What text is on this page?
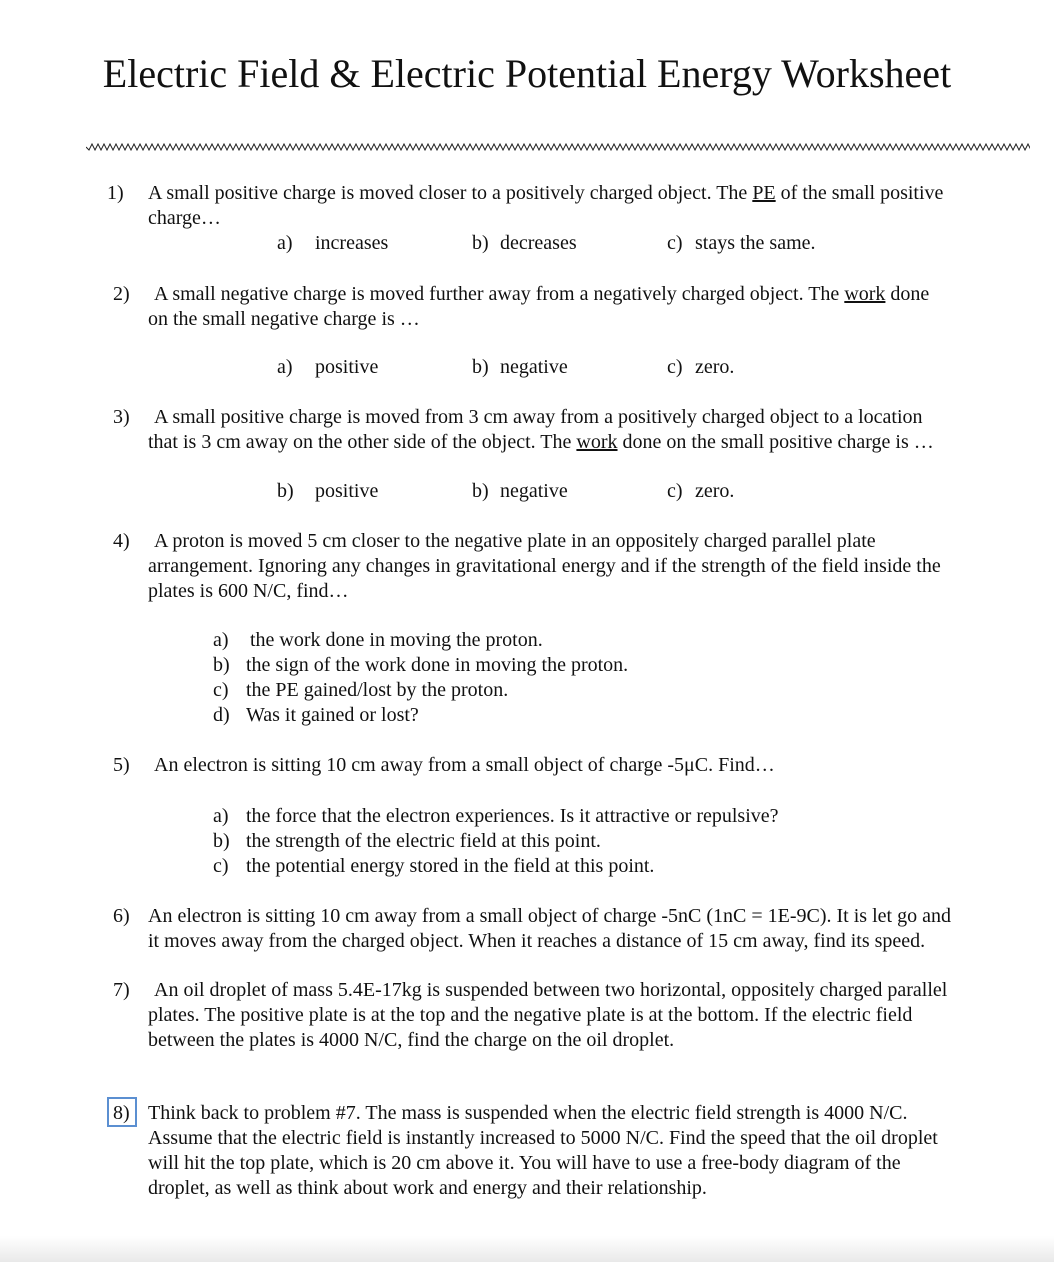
Electric Field & Electric Potential Energy Worksheet

1) A small positive charge is moved closer to a positively charged object. The PE of the small positive

charge…

a) increases	b) decreases	c) stays the same.

2) A small negative charge is moved further away from a negatively charged object. The work done

on the small negative charge is …

a) positive	b) negative	c) zero.

3) A small positive charge is moved from 3 cm away from a positively charged object to a location

that is 3 cm away on the other side of the object. The work done on the small positive charge is …

b) positive	b) negative	c) zero.

4) A proton is moved 5 cm closer to the negative plate in an oppositely charged parallel plate

arrangement. Ignoring any changes in gravitational energy and if the strength of the field inside the

plates is 600 N/C, find…

a) the work done in moving the proton.

b) the sign of the work done in moving the proton.

c) the PE gained/lost by the proton.

d) Was it gained or lost?

5) An electron is sitting 10 cm away from a small object of charge -5μC. Find…

a) the force that the electron experiences. Is it attractive or repulsive?

b) the strength of the electric field at this point.

c) the potential energy stored in the field at this point.

6) An electron is sitting 10 cm away from a small object of charge -5nC (1nC = 1E-9C). It is let go and

it moves away from the charged object. When it reaches a distance of 15 cm away, find its speed.

7) An oil droplet of mass 5.4E-17kg is suspended between two horizontal, oppositely charged parallel

plates. The positive plate is at the top and the negative plate is at the bottom. If the electric field

between the plates is 4000 N/C, find the charge on the oil droplet.

8) Think back to problem #7. The mass is suspended when the electric field strength is 4000 N/C.

Assume that the electric field is instantly increased to 5000 N/C. Find the speed that the oil droplet

will hit the top plate, which is 20 cm above it. You will have to use a free-body diagram of the

droplet, as well as think about work and energy and their relationship.
